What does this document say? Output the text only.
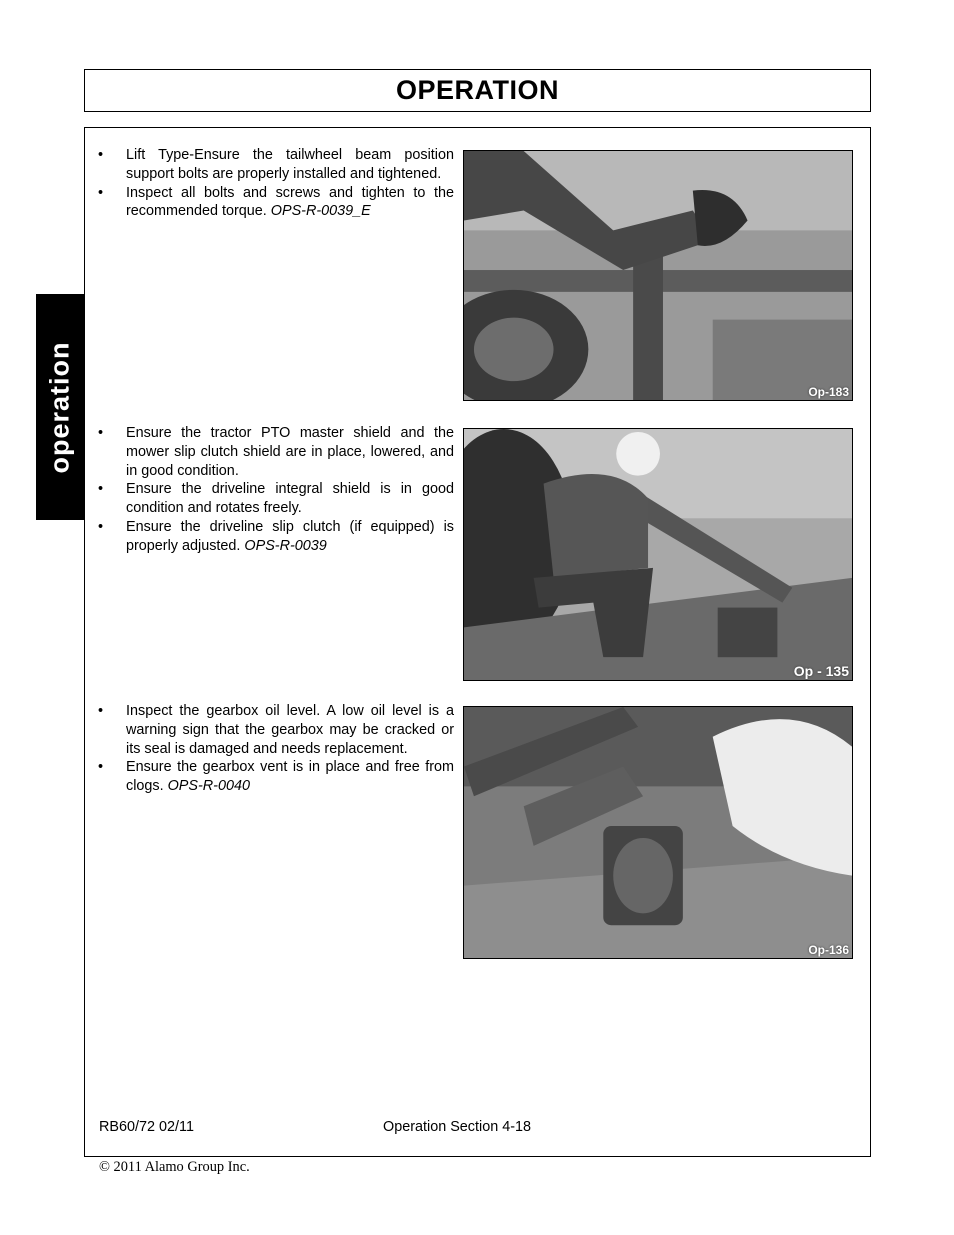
OPERATION
operation
• Lift Type-Ensure the tailwheel beam position support bolts are properly installed and tightened.
• Inspect all bolts and screws and tighten to the recommended torque. OPS-R-0039_E
Op-183
• Ensure the tractor PTO master shield and the mower slip clutch shield are in place, lowered, and in good condition.
• Ensure the driveline integral shield is in good condition and rotates freely.
• Ensure the driveline slip clutch (if equipped) is properly adjusted. OPS-R-0039
Op - 135
• Inspect the gearbox oil level. A low oil level is a warning sign that the gearbox may be cracked or its seal is damaged and needs replacement.
• Ensure the gearbox vent is in place and free from clogs. OPS-R-0040
Op-136
RB60/72 02/11	Operation Section 4-18
© 2011 Alamo Group Inc.
